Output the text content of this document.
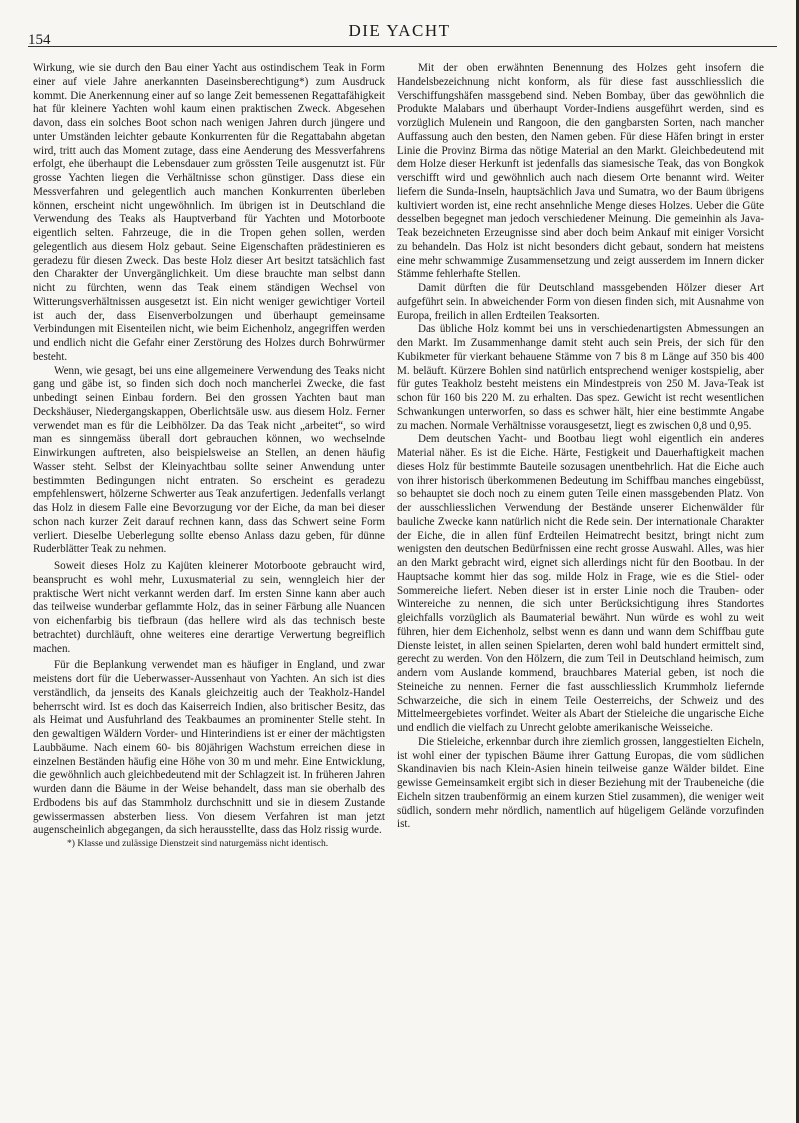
154	DIE YACHT

Wirkung, wie sie durch den Bau einer Yacht aus ostindischem Teak in Form einer auf viele Jahre anerkannten Daseinsberechtigung*) zum Ausdruck kommt. Die Anerkennung einer auf so lange Zeit bemessenen Regattafähigkeit hat für kleinere Yachten wohl kaum einen praktischen Zweck. Abgesehen davon, dass ein solches Boot schon nach wenigen Jahren durch jüngere und unter Umständen leichter gebaute Konkurrenten für die Regattabahn abgetan wird, tritt auch das Moment zutage, dass eine Aenderung des Messverfahrens erfolgt, ehe überhaupt die Lebensdauer zum grössten Teile ausgenutzt ist. Für grosse Yachten liegen die Verhältnisse schon günstiger. Dass diese ein Messverfahren und gelegentlich auch manchen Konkurrenten überleben können, erscheint nicht ungewöhnlich. Im übrigen ist in Deutschland die Verwendung des Teaks als Hauptverband für Yachten und Motorboote eigentlich selten. Fahrzeuge, die in die Tropen gehen sollen, werden gelegentlich aus diesem Holz gebaut. Seine Eigenschaften prädestinieren es geradezu für diesen Zweck. Das beste Holz dieser Art besitzt tatsächlich fast den Charakter der Unvergänglichkeit. Um diese brauchte man selbst dann nicht zu fürchten, wenn das Teak einem ständigen Wechsel von Witterungsverhältnissen ausgesetzt ist. Ein nicht weniger gewichtiger Vorteil ist auch der, dass Eisenverbolzungen und überhaupt gemeinsame Verbindungen mit Eisenteilen nicht, wie beim Eichenholz, angegriffen werden und endlich nicht die Gefahr einer Zerstörung des Holzes durch Bohrwürmer besteht.

Wenn, wie gesagt, bei uns eine allgemeinere Verwendung des Teaks nicht gang und gäbe ist, so finden sich doch noch mancherlei Zwecke, die fast unbedingt seinen Einbau fordern. Bei den grossen Yachten baut man Deckshäuser, Niedergangskappen, Oberlichtsäle usw. aus diesem Holz. Ferner verwendet man es für die Leibhölzer. Da das Teak nicht „arbeitet“, so wird man es sinngemäss überall dort gebrauchen können, wo wechselnde Einwirkungen auftreten, also beispielsweise an Stellen, an denen häufig Wasser steht. Selbst der Kleinyachtbau sollte seiner Anwendung unter bestimmten Bedingungen nicht entraten. So erscheint es geradezu empfehlenswert, hölzerne Schwerter aus Teak anzufertigen. Jedenfalls verlangt das Holz in diesem Falle eine Bevorzugung vor der Eiche, da man bei dieser schon nach kurzer Zeit darauf rechnen kann, dass das Schwert seine Form verliert. Dieselbe Ueberlegung sollte ebenso Anlass dazu geben, für dünne Ruderblätter Teak zu nehmen.

Soweit dieses Holz zu Kajüten kleinerer Motorboote gebraucht wird, beansprucht es wohl mehr, Luxusmaterial zu sein, wenngleich hier der praktische Wert nicht verkannt werden darf. Im ersten Sinne kann aber auch das teilweise wunderbar geflammte Holz, das in seiner Färbung alle Nuancen von eichenfarbig bis tiefbraun (das hellere wird als das technisch beste betrachtet) durchläuft, ohne weiteres eine derartige Verwertung begreiflich machen.

Für die Beplankung verwendet man es häufiger in England, und zwar meistens dort für die Ueberwasser-Aussenhaut von Yachten. An sich ist dies verständlich, da jenseits des Kanals gleichzeitig auch der Teakholz-Handel beherrscht wird. Ist es doch das Kaiserreich Indien, also britischer Besitz, das als Heimat und Ausfuhrland des Teakbaumes an prominenter Stelle steht. In den gewaltigen Wäldern Vorder- und Hinterindiens ist er einer der mächtigsten Laubbäume. Nach einem 60- bis 80jährigen Wachstum erreichen diese in einzelnen Beständen häufig eine Höhe von 30 m und mehr. Eine Entwicklung, die gewöhnlich auch gleichbedeutend mit der Schlagzeit ist. In früheren Jahren wurden dann die Bäume in der Weise behandelt, dass man sie oberhalb des Erdbodens bis auf das Stammholz durchschnitt und sie in diesem Zustande gewissermassen absterben liess. Von diesem Verfahren ist man jetzt augenscheinlich abgegangen, da sich herausstellte, dass das Holz rissig wurde.

*) Klasse und zulässige Dienstzeit sind naturgemäss nicht identisch.

Mit der oben erwähnten Benennung des Holzes geht insofern die Handelsbezeichnung nicht konform, als für diese fast ausschliesslich die Verschiffungshäfen massgebend sind. Neben Bombay, über das gewöhnlich die Produkte Malabars und überhaupt Vorder-Indiens ausgeführt werden, sind es vorzüglich Mulenein und Rangoon, die den gangbarsten Sorten, nach mancher Auffassung auch den besten, den Namen geben. Für diese Häfen bringt in erster Linie die Provinz Birma das nötige Material an den Markt. Gleichbedeutend mit dem Holze dieser Herkunft ist jedenfalls das siamesische Teak, das von Bongkok verschifft wird und gewöhnlich auch nach diesem Orte benannt wird. Weiter liefern die Sunda-Inseln, hauptsächlich Java und Sumatra, wo der Baum übrigens kultiviert worden ist, eine recht ansehnliche Menge dieses Holzes. Ueber die Güte desselben begegnet man jedoch verschiedener Meinung. Die gemeinhin als Java-Teak bezeichneten Erzeugnisse sind aber doch beim Ankauf mit einiger Vorsicht zu behandeln. Das Holz ist nicht besonders dicht gebaut, sondern hat meistens eine mehr schwammige Zusammensetzung und zeigt ausserdem im Innern dicker Stämme fehlerhafte Stellen.

Damit dürften die für Deutschland massgebenden Hölzer dieser Art aufgeführt sein. In abweichender Form von diesen finden sich, mit Ausnahme von Europa, freilich in allen Erdteilen Teaksorten.

Das übliche Holz kommt bei uns in verschiedenartigsten Abmessungen an den Markt. Im Zusammenhange damit steht auch sein Preis, der sich für den Kubikmeter für vierkant behauene Stämme von 7 bis 8 m Länge auf 350 bis 400 M. beläuft. Kürzere Bohlen sind natürlich entsprechend weniger kostspielig, aber für gutes Teakholz besteht meistens ein Mindestpreis von 250 M. Java-Teak ist schon für 160 bis 220 M. zu erhalten. Das spez. Gewicht ist recht wesentlichen Schwankungen unterworfen, so dass es schwer hält, hier eine bestimmte Angabe zu machen. Normale Verhältnisse vorausgesetzt, liegt es zwischen 0,8 und 0,95.

Dem deutschen Yacht- und Bootbau liegt wohl eigentlich ein anderes Material näher. Es ist die Eiche. Härte, Festigkeit und Dauerhaftigkeit machen dieses Holz für bestimmte Bauteile sozusagen unentbehrlich. Hat die Eiche auch von ihrer historisch überkommenen Bedeutung im Schiffbau manches eingebüsst, so behauptet sie doch noch zu einem guten Teile einen massgebenden Platz. Von der ausschliesslichen Verwendung der Bestände unserer Eichenwälder für bauliche Zwecke kann natürlich nicht die Rede sein. Der internationale Charakter der Eiche, die in allen fünf Erdteilen Heimatrecht besitzt, bringt nicht zum wenigsten den deutschen Bedürfnissen eine recht grosse Auswahl. Alles, was hier an den Markt gebracht wird, eignet sich allerdings nicht für den Bootbau. In der Hauptsache kommt hier das sog. milde Holz in Frage, wie es die Stiel- oder Sommereiche liefert. Neben dieser ist in erster Linie noch die Trauben- oder Wintereiche zu nennen, die sich unter Berücksichtigung ihres Standortes gleichfalls vorzüglich als Baumaterial bewährt. Nun würde es wohl zu weit führen, hier dem Eichenholz, selbst wenn es dann und wann dem Schiffbau gute Dienste leistet, in allen seinen Spielarten, deren wohl bald hundert ermittelt sind, gerecht zu werden. Von den Hölzern, die zum Teil in Deutschland heimisch, zum andern vom Auslande kommend, brauchbares Material geben, ist noch die Steineiche zu nennen. Ferner die fast ausschliesslich Krummholz liefernde Schwarzeiche, die sich in einem Teile Oesterreichs, der Schweiz und des Mittelmeergebietes vorfindet. Weiter als Abart der Stieleiche die ungarische Eiche und endlich die vielfach zu Unrecht gelobte amerikanische Weisseiche.

Die Stieleiche, erkennbar durch ihre ziemlich grossen, langgestielten Eicheln, ist wohl einer der typischen Bäume ihrer Gattung Europas, die vom südlichen Skandinavien bis nach Klein-Asien hinein teilweise ganze Wälder bildet. Eine gewisse Gemeinsamkeit ergibt sich in dieser Beziehung mit der Traubeneiche (die Eicheln sitzen traubenförmig an einem kurzen Stiel zusammen), die weniger weit südlich, sondern mehr nördlich, namentlich auf hügeligem Gelände vorzufinden ist.
